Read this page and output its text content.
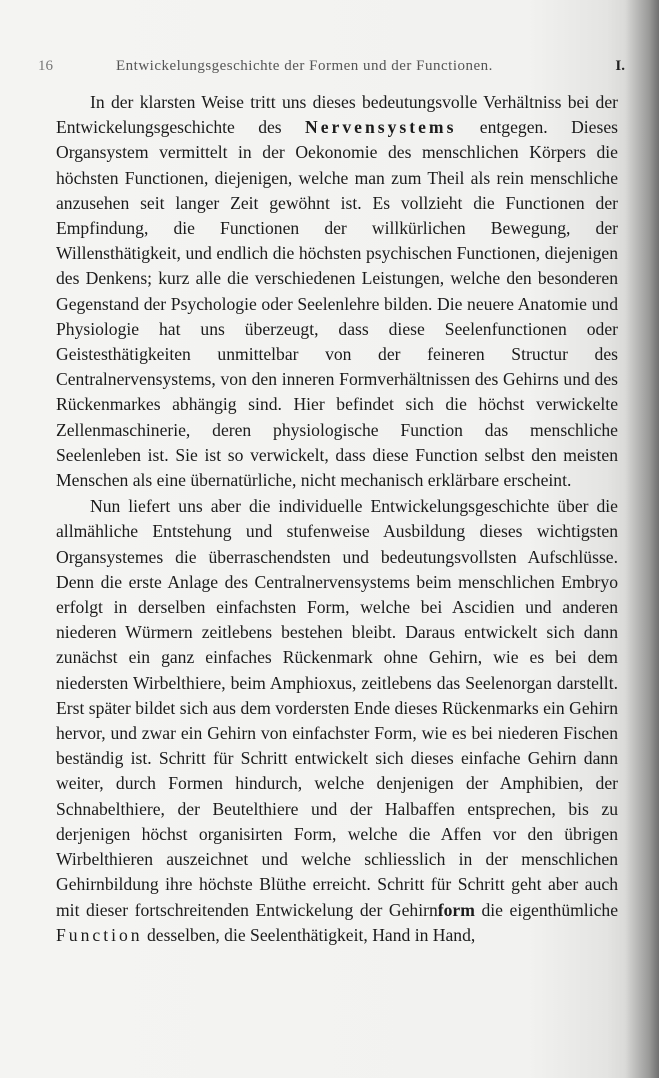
16	Entwickelungsgeschichte der Formen und der Functionen.	I.

In der klarsten Weise tritt uns dieses bedeutungsvolle Verhältniss bei der Entwickelungsgeschichte des Nervensystems entgegen. Dieses Organsystem vermittelt in der Oekonomie des menschlichen Körpers die höchsten Functionen, diejenigen, welche man zum Theil als rein menschliche anzusehen seit langer Zeit gewöhnt ist. Es vollzieht die Functionen der Empfindung, die Functionen der willkürlichen Bewegung, der Willensthätigkeit, und endlich die höchsten psychischen Functionen, diejenigen des Denkens; kurz alle die verschiedenen Leistungen, welche den besonderen Gegenstand der Psychologie oder Seelenlehre bilden. Die neuere Anatomie und Physiologie hat uns überzeugt, dass diese Seelenfunctionen oder Geistesthätigkeiten unmittelbar von der feineren Structur des Centralnervensystems, von den inneren Formverhältnissen des Gehirns und des Rückenmarkes abhängig sind. Hier befindet sich die höchst verwickelte Zellenmaschinerie, deren physiologische Function das menschliche Seelenleben ist. Sie ist so verwickelt, dass diese Function selbst den meisten Menschen als eine übernatürliche, nicht mechanisch erklärbare erscheint.

Nun liefert uns aber die individuelle Entwickelungsgeschichte über die allmähliche Entstehung und stufenweise Ausbildung dieses wichtigsten Organsystemes die überraschendsten und bedeutungsvollsten Aufschlüsse. Denn die erste Anlage des Centralnervensystems beim menschlichen Embryo erfolgt in derselben einfachsten Form, welche bei Ascidien und anderen niederen Würmern zeitlebens bestehen bleibt. Daraus entwickelt sich dann zunächst ein ganz einfaches Rückenmark ohne Gehirn, wie es bei dem niedersten Wirbelthiere, beim Amphioxus, zeitlebens das Seelenorgan darstellt. Erst später bildet sich aus dem vordersten Ende dieses Rückenmarks ein Gehirn hervor, und zwar ein Gehirn von einfachster Form, wie es bei niederen Fischen beständig ist. Schritt für Schritt entwickelt sich dieses einfache Gehirn dann weiter, durch Formen hindurch, welche denjenigen der Amphibien, der Schnabelthiere, der Beutelthiere und der Halbaffen entsprechen, bis zu derjenigen höchst organisirten Form, welche die Affen vor den übrigen Wirbelthieren auszeichnet und welche schliesslich in der menschlichen Gehirnbildung ihre höchste Blüthe erreicht. Schritt für Schritt geht aber auch mit dieser fortschreitenden Entwickelung der Gehirnform die eigenthümliche Function desselben, die Seelenthätigkeit, Hand in Hand,
